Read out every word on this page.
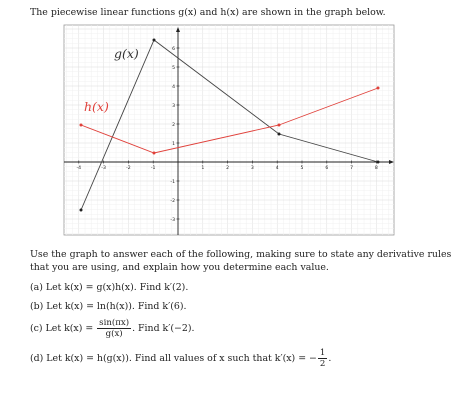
The piecewise linear functions g(x) and h(x) are shown in the graph below.
-4	-3	-2	-1	1	2	3	4	5	6	7	8
6
5
4
3
2
1
-1
-2
-3
g(x)
h(x)
Use the graph to answer each of the following, making sure to state any derivative rules that you are using, and explain how you determine each value.
(a) Let k(x) = g(x)h(x). Find k′(2).
(b) Let k(x) = ln(h(x)). Find k′(6).
(c) Let $k(x) = \frac{\sin(\pi x)}{g(x)}$ . Find k′(−2).
(d) Let k(x) = h(g(x)). Find all values of x such that k′(x) = − $\frac{1}{2}$ .
